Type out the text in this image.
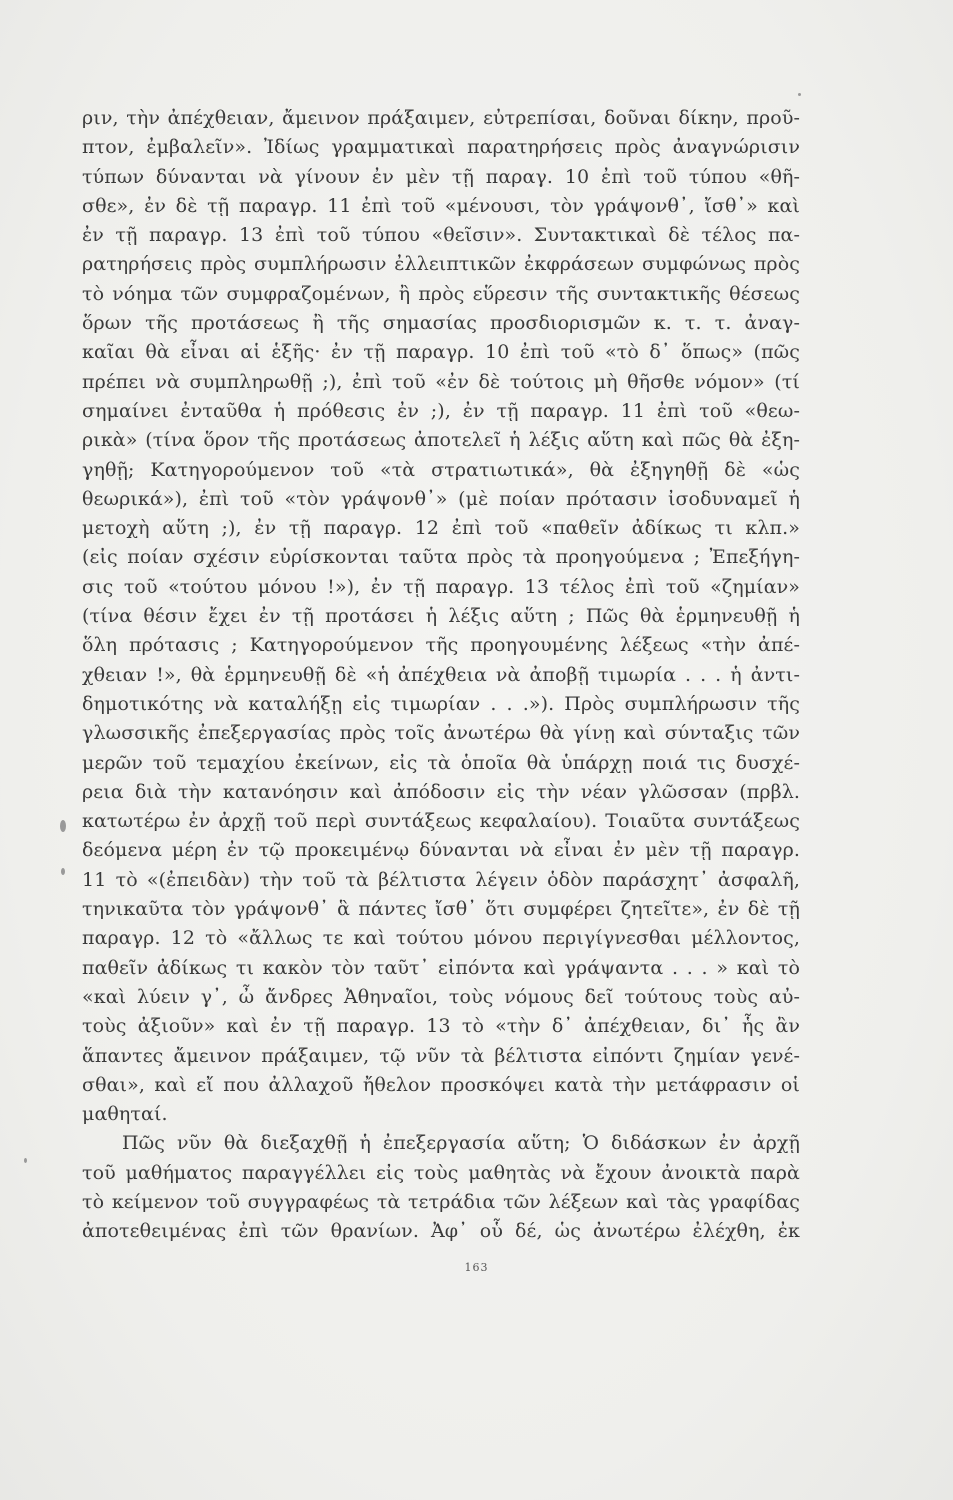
ριν, τὴν ἀπέχθειαν, ἄμεινον πράξαιμεν, εὐτρεπίσαι, δοῦναι δίκην, προῦ-
πτον, ἐμβαλεῖν». Ἰδίως γραμματικαὶ παρατηρήσεις πρὸς ἀναγνώρισιν
τύπων δύνανται νὰ γίνουν ἐν μὲν τῇ παραγ. 10 ἐπὶ τοῦ τύπου «θῆ-
σθε», ἐν δὲ τῇ παραγρ. 11 ἐπὶ τοῦ «μένουσι, τὸν γράψονθ᾽, ἴσθ᾽» καὶ
ἐν τῇ παραγρ. 13 ἐπὶ τοῦ τύπου «θεῖσιν». Συντακτικαὶ δὲ τέλος πα-
ρατηρήσεις πρὸς συμπλήρωσιν ἐλλειπτικῶν ἐκφράσεων συμφώνως πρὸς
τὸ νόημα τῶν συμφραζομένων, ἢ πρὸς εὕρεσιν τῆς συντακτικῆς θέσεως
ὅρων τῆς προτάσεως ἢ τῆς σημασίας προσδιορισμῶν κ. τ. τ. ἀναγ-
καῖαι θὰ εἶναι αἱ ἑξῆς· ἐν τῇ παραγρ. 10 ἐπὶ τοῦ «τὸ δ᾽ ὅπως» (πῶς
πρέπει νὰ συμπληρωθῇ ;), ἐπὶ τοῦ «ἐν δὲ τούτοις μὴ θῆσθε νόμον» (τί
σημαίνει ἐνταῦθα ἡ πρόθεσις ἐν ;), ἐν τῇ παραγρ. 11 ἐπὶ τοῦ «θεω-
ρικὰ» (τίνα ὅρον τῆς προτάσεως ἀποτελεῖ ἡ λέξις αὕτη καὶ πῶς θὰ ἐξη-
γηθῇ; Κατηγορούμενον τοῦ «τὰ στρατιωτικά», θὰ ἐξηγηθῇ δὲ «ὡς
θεωρικά»), ἐπὶ τοῦ «τὸν γράψονθ᾽» (μὲ ποίαν πρότασιν ἰσοδυναμεῖ ἡ
μετοχὴ αὕτη ;), ἐν τῇ παραγρ. 12 ἐπὶ τοῦ «παθεῖν ἀδίκως τι κλπ.»
(εἰς ποίαν σχέσιν εὑρίσκονται ταῦτα πρὸς τὰ προηγούμενα ; Ἐπεξήγη-
σις τοῦ «τούτου μόνου !»), ἐν τῇ παραγρ. 13 τέλος ἐπὶ τοῦ «ζημίαν»
(τίνα θέσιν ἔχει ἐν τῇ προτάσει ἡ λέξις αὕτη ; Πῶς θὰ ἑρμηνευθῇ ἡ
ὅλη πρότασις ; Κατηγορούμενον τῆς προηγουμένης λέξεως «τὴν ἀπέ-
χθειαν !», θὰ ἑρμηνευθῇ δὲ «ἡ ἀπέχθεια νὰ ἀποβῇ τιμωρία . . . ἡ ἀντι-
δημοτικότης νὰ καταλήξῃ εἰς τιμωρίαν . . .»). Πρὸς συμπλήρωσιν τῆς
γλωσσικῆς ἐπεξεργασίας πρὸς τοῖς ἀνωτέρω θὰ γίνῃ καὶ σύνταξις τῶν
μερῶν τοῦ τεμαχίου ἐκείνων, εἰς τὰ ὁποῖα θὰ ὑπάρχῃ ποιά τις δυσχέ-
ρεια διὰ τὴν κατανόησιν καὶ ἀπόδοσιν εἰς τὴν νέαν γλῶσσαν (πρβλ.
κατωτέρω ἐν ἀρχῇ τοῦ περὶ συντάξεως κεφαλαίου). Τοιαῦτα συντάξεως
δεόμενα μέρη ἐν τῷ προκειμένῳ δύνανται νὰ εἶναι ἐν μὲν τῇ παραγρ.
11 τὸ «(ἐπειδὰν) τὴν τοῦ τὰ βέλτιστα λέγειν ὁδὸν παράσχητ᾽ ἀσφαλῆ,
τηνικαῦτα τὸν γράψονθ᾽ ἃ πάντες ἴσθ᾽ ὅτι συμφέρει ζητεῖτε», ἐν δὲ τῇ
παραγρ. 12 τὸ «ἄλλως τε καὶ τούτου μόνου περιγίγνεσθαι μέλλοντος,
παθεῖν ἀδίκως τι κακὸν τὸν ταῦτ᾽ εἰπόντα καὶ γράψαντα . . . » καὶ τὸ
«καὶ λύειν γ᾽, ὦ ἄνδρες Ἀθηναῖοι, τοὺς νόμους δεῖ τούτους τοὺς αὐ-
τοὺς ἀξιοῦν» καὶ ἐν τῇ παραγρ. 13 τὸ «τὴν δ᾽ ἀπέχθειαν, δι᾽ ἧς ἂν
ἅπαντες ἄμεινον πράξαιμεν, τῷ νῦν τὰ βέλτιστα εἰπόντι ζημίαν γενέ-
σθαι», καὶ εἴ που ἀλλαχοῦ ἤθελον προσκόψει κατὰ τὴν μετάφρασιν οἱ
μαθηταί.
Πῶς νῦν θὰ διεξαχθῇ ἡ ἐπεξεργασία αὕτη; Ὁ διδάσκων ἐν ἀρχῇ
τοῦ μαθήματος παραγγέλλει εἰς τοὺς μαθητὰς νὰ ἔχουν ἀνοικτὰ παρὰ
τὸ κείμενον τοῦ συγγραφέως τὰ τετράδια τῶν λέξεων καὶ τὰς γραφίδας
ἀποτεθειμένας ἐπὶ τῶν θρανίων. Ἀφ᾽ οὗ δέ, ὡς ἀνωτέρω ἐλέχθη, ἐκ
163
